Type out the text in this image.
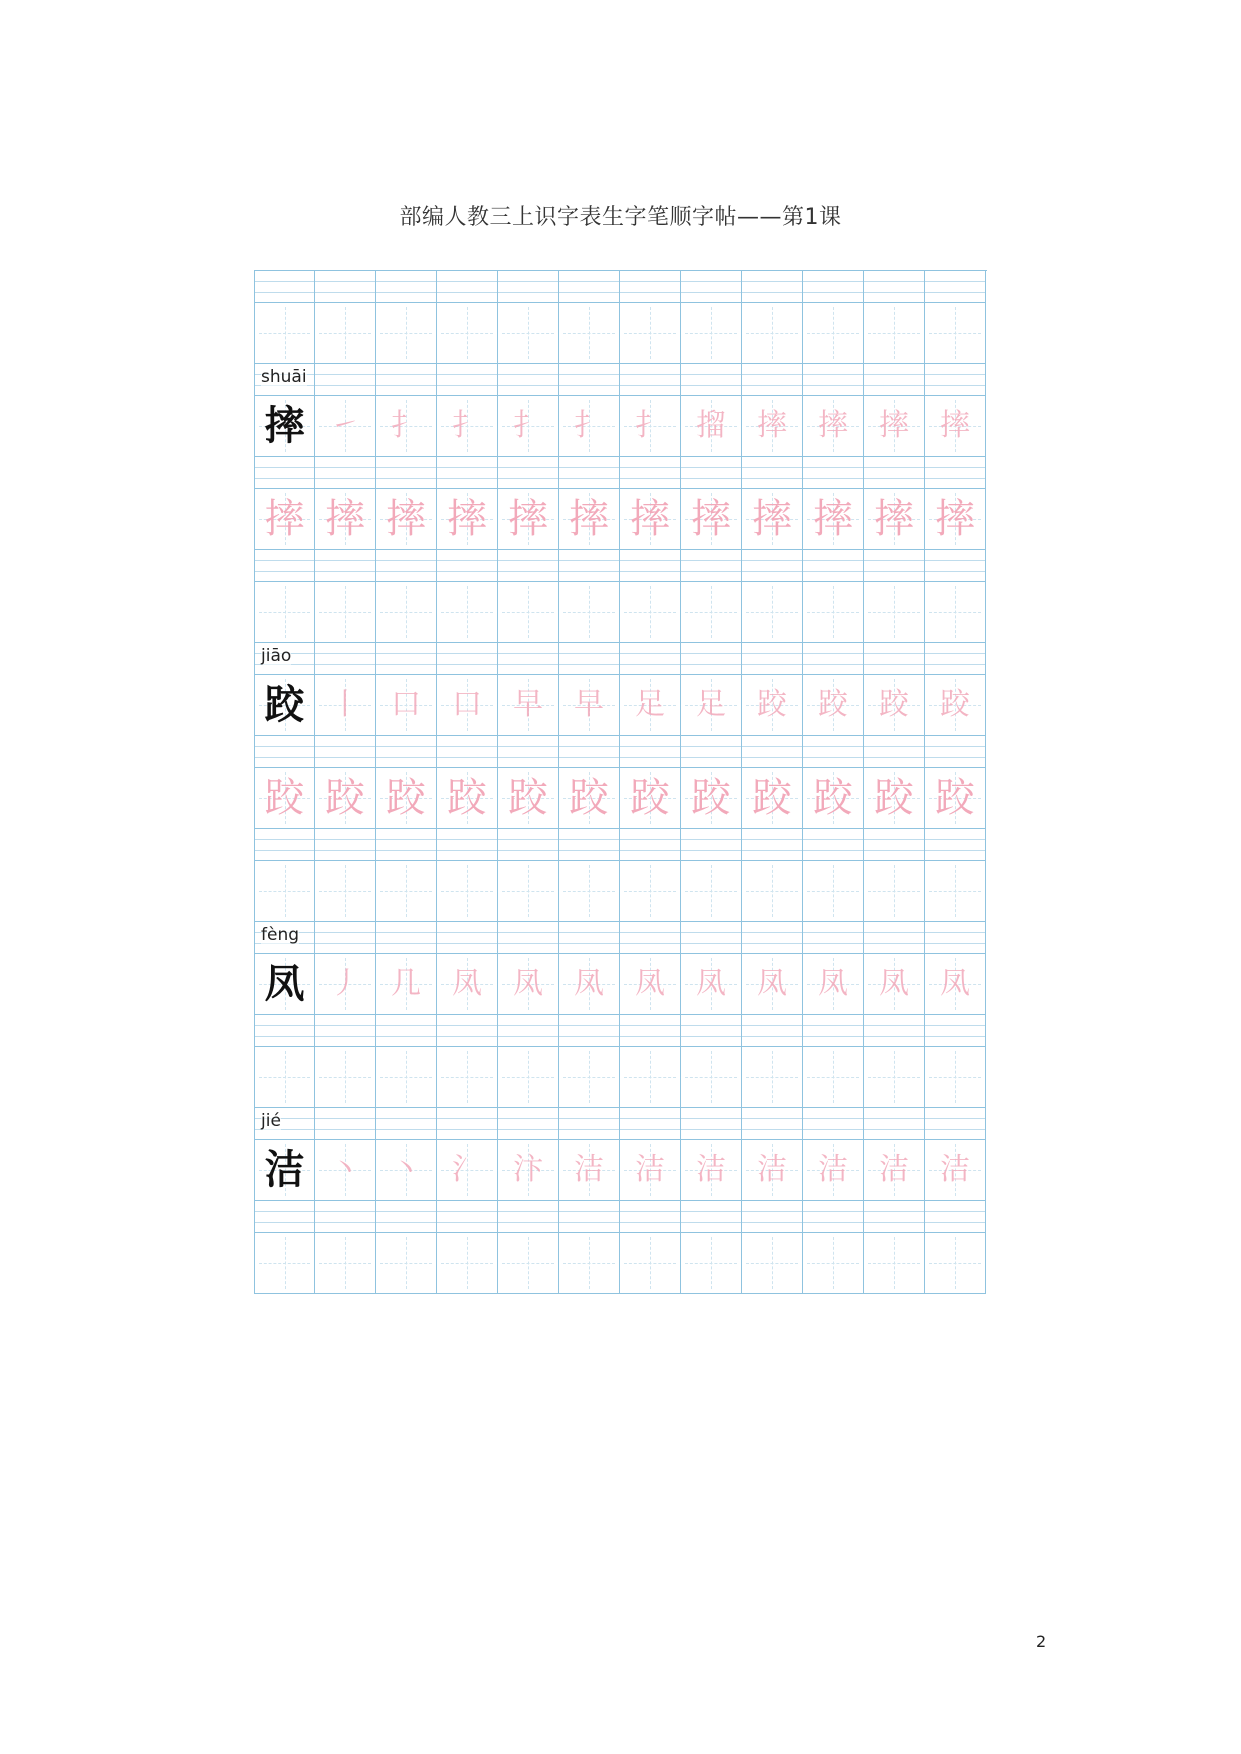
部编人教三上识字表生字笔顺字帖——第1课
shuāi
摔 ㇀	扌	扌	扌	扌	扌	㨨	摔	摔	摔	摔
摔 摔 摔 摔 摔 摔 摔 摔 摔 摔 摔 摔
jiāo
跤 丨	口	口	早	早	足	足	跤	跤	跤	跤
跤 跤 跤 跤 跤 跤 跤 跤 跤 跤 跤 跤
fèng
凤 丿	几	凤	凤	凤	凤	凤	凤	凤	凤	凤
jié
洁 丶	丶	氵	汴	洁	洁	洁	洁	洁	洁	洁
2
